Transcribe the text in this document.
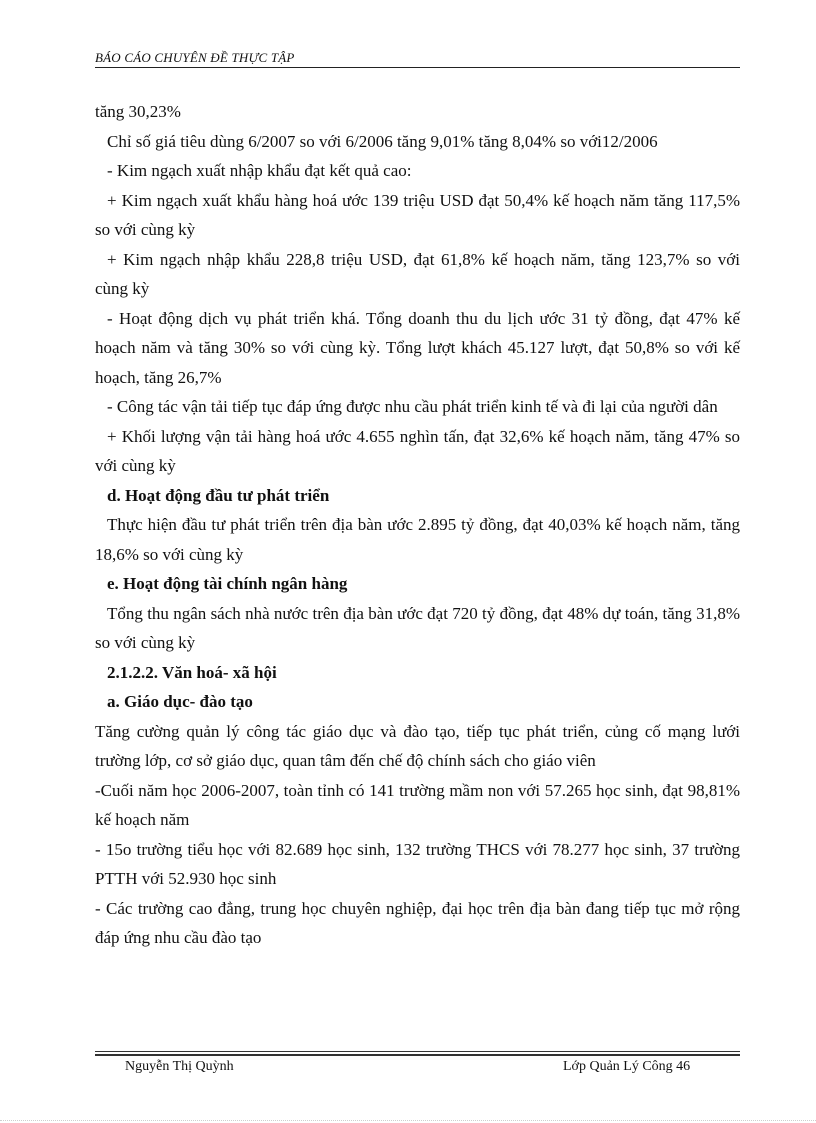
BÁO CÁO CHUYÊN ĐỀ THỰC TẬP

tăng 30,23%

Chỉ số giá tiêu dùng 6/2007 so với 6/2006 tăng 9,01% tăng 8,04% so với12/2006

- Kim ngạch xuất nhập khẩu đạt kết quả cao:

+ Kim ngạch xuất khẩu hàng hoá ước 139 triệu USD đạt 50,4% kế hoạch năm tăng 117,5% so với cùng kỳ

+ Kim ngạch nhập khẩu 228,8 triệu USD, đạt 61,8% kế hoạch năm, tăng 123,7% so với cùng kỳ

- Hoạt động dịch vụ phát triển khá. Tổng doanh thu du lịch ước 31 tỷ đồng, đạt 47% kế hoạch năm và tăng 30% so với cùng kỳ. Tổng lượt khách 45.127 lượt, đạt 50,8% so với kế hoạch, tăng 26,7%

- Công tác vận tải tiếp tục đáp ứng được nhu cầu phát triển kinh tế và đi lại của người dân

+ Khối lượng vận tải hàng hoá ước 4.655 nghìn tấn, đạt 32,6% kế hoạch năm, tăng 47% so với cùng kỳ

d. Hoạt động đầu tư phát triển

Thực hiện đầu tư phát triển trên địa bàn ước 2.895 tỷ đồng, đạt 40,03% kế hoạch năm, tăng 18,6% so với cùng kỳ

e. Hoạt động tài chính ngân hàng

Tổng thu ngân sách nhà nước trên địa bàn ước đạt 720 tỷ đồng, đạt 48% dự toán, tăng 31,8% so với cùng kỳ

2.1.2.2. Văn hoá- xã hội

a. Giáo dục- đào tạo

Tăng cường quản lý công tác giáo dục và đào tạo, tiếp tục phát triển, củng cố mạng lưới trường lớp, cơ sở giáo dục, quan tâm đến chế độ chính sách cho giáo viên

-Cuối năm học 2006-2007, toàn tỉnh có 141 trường mầm non với 57.265 học sinh, đạt 98,81% kế hoạch năm

- 15o trường tiểu học với 82.689 học sinh, 132 trường THCS với 78.277 học sinh, 37 trường PTTH với 52.930 học sinh

- Các trường cao đẳng, trung học chuyên nghiệp, đại học trên địa bàn đang tiếp tục mở rộng đáp ứng nhu cầu đào tạo

Nguyễn Thị Quỳnh	Lớp Quản Lý Công 46
